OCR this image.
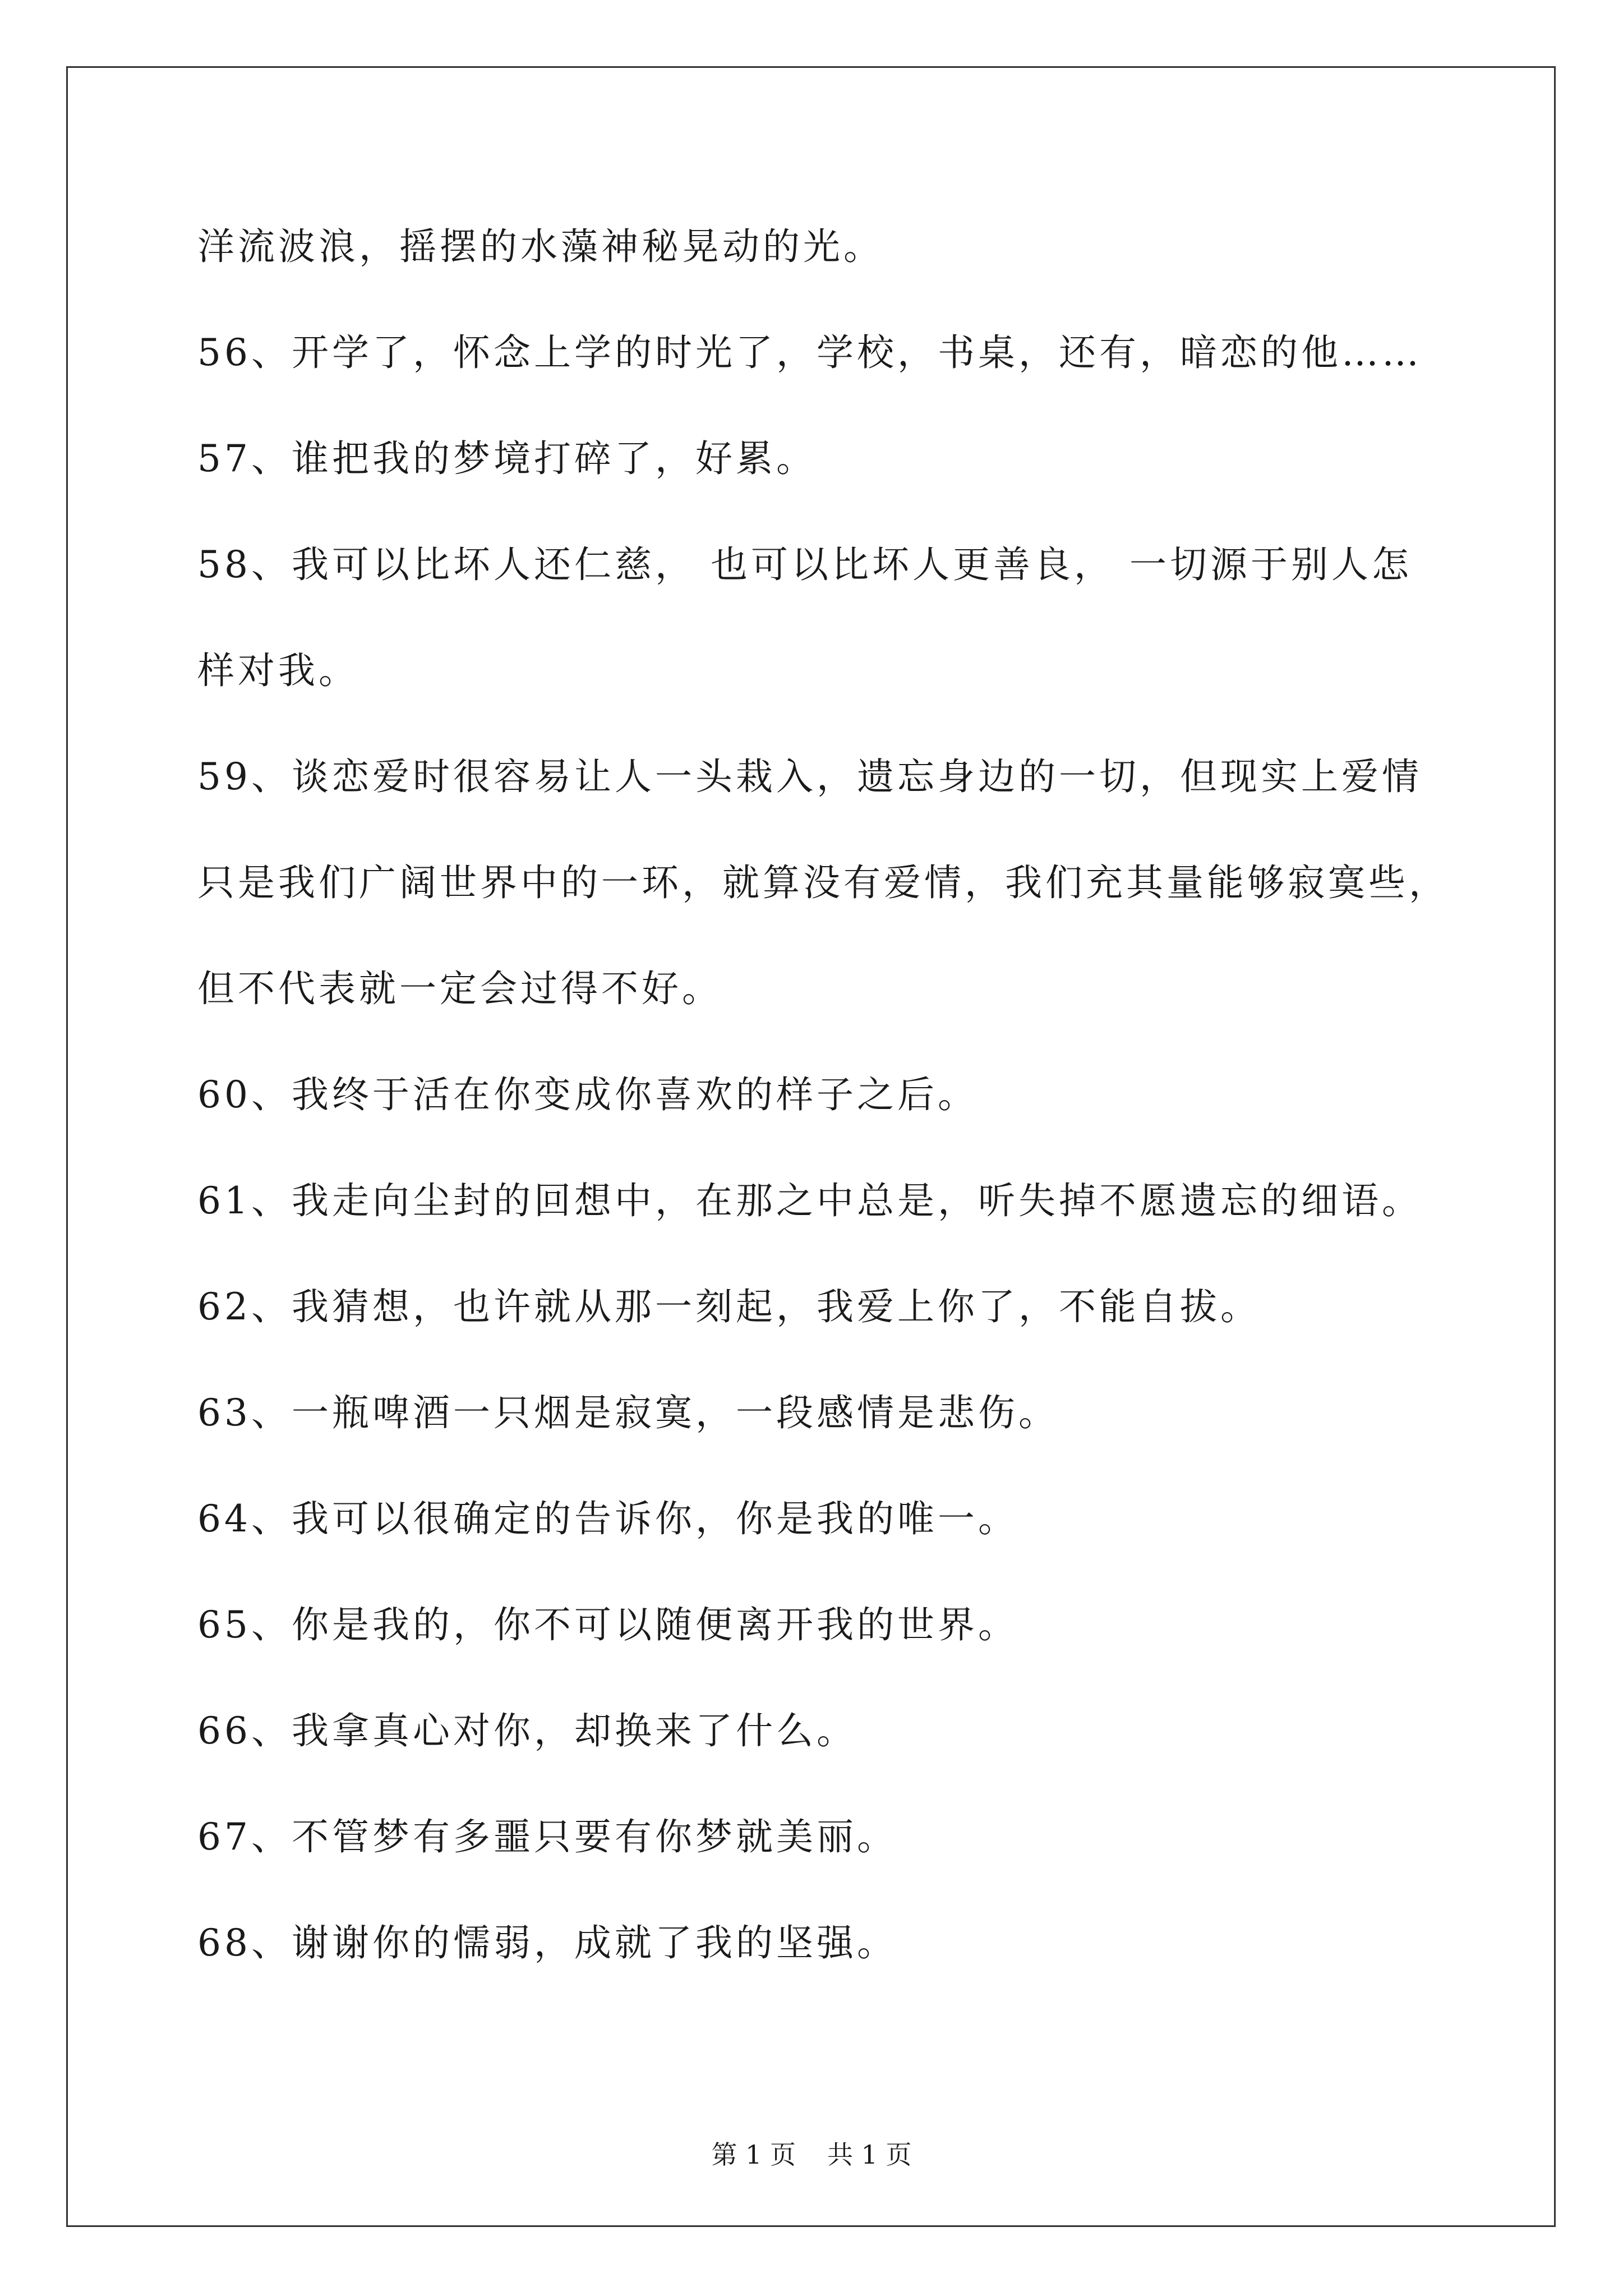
洋流波浪，摇摆的水藻神秘晃动的光。
56、开学了，怀念上学的时光了，学校，书桌，还有，暗恋的他……
57、谁把我的梦境打碎了，好累。
58、我可以比坏人还仁慈， 也可以比坏人更善良， 一切源于别人怎
样对我。
59、谈恋爱时很容易让人一头栽入，遗忘身边的一切，但现实上爱情
只是我们广阔世界中的一环，就算没有爱情，我们充其量能够寂寞些，
但不代表就一定会过得不好。
60、我终于活在你变成你喜欢的样子之后。
61、我走向尘封的回想中，在那之中总是，听失掉不愿遗忘的细语。
62、我猜想，也许就从那一刻起，我爱上你了，不能自拔。
63、一瓶啤酒一只烟是寂寞，一段感情是悲伤。
64、我可以很确定的告诉你，你是我的唯一。
65、你是我的，你不可以随便离开我的世界。
66、我拿真心对你，却换来了什么。
67、不管梦有多噩只要有你梦就美丽。
68、谢谢你的懦弱，成就了我的坚强。
第 1 页 共 1 页
